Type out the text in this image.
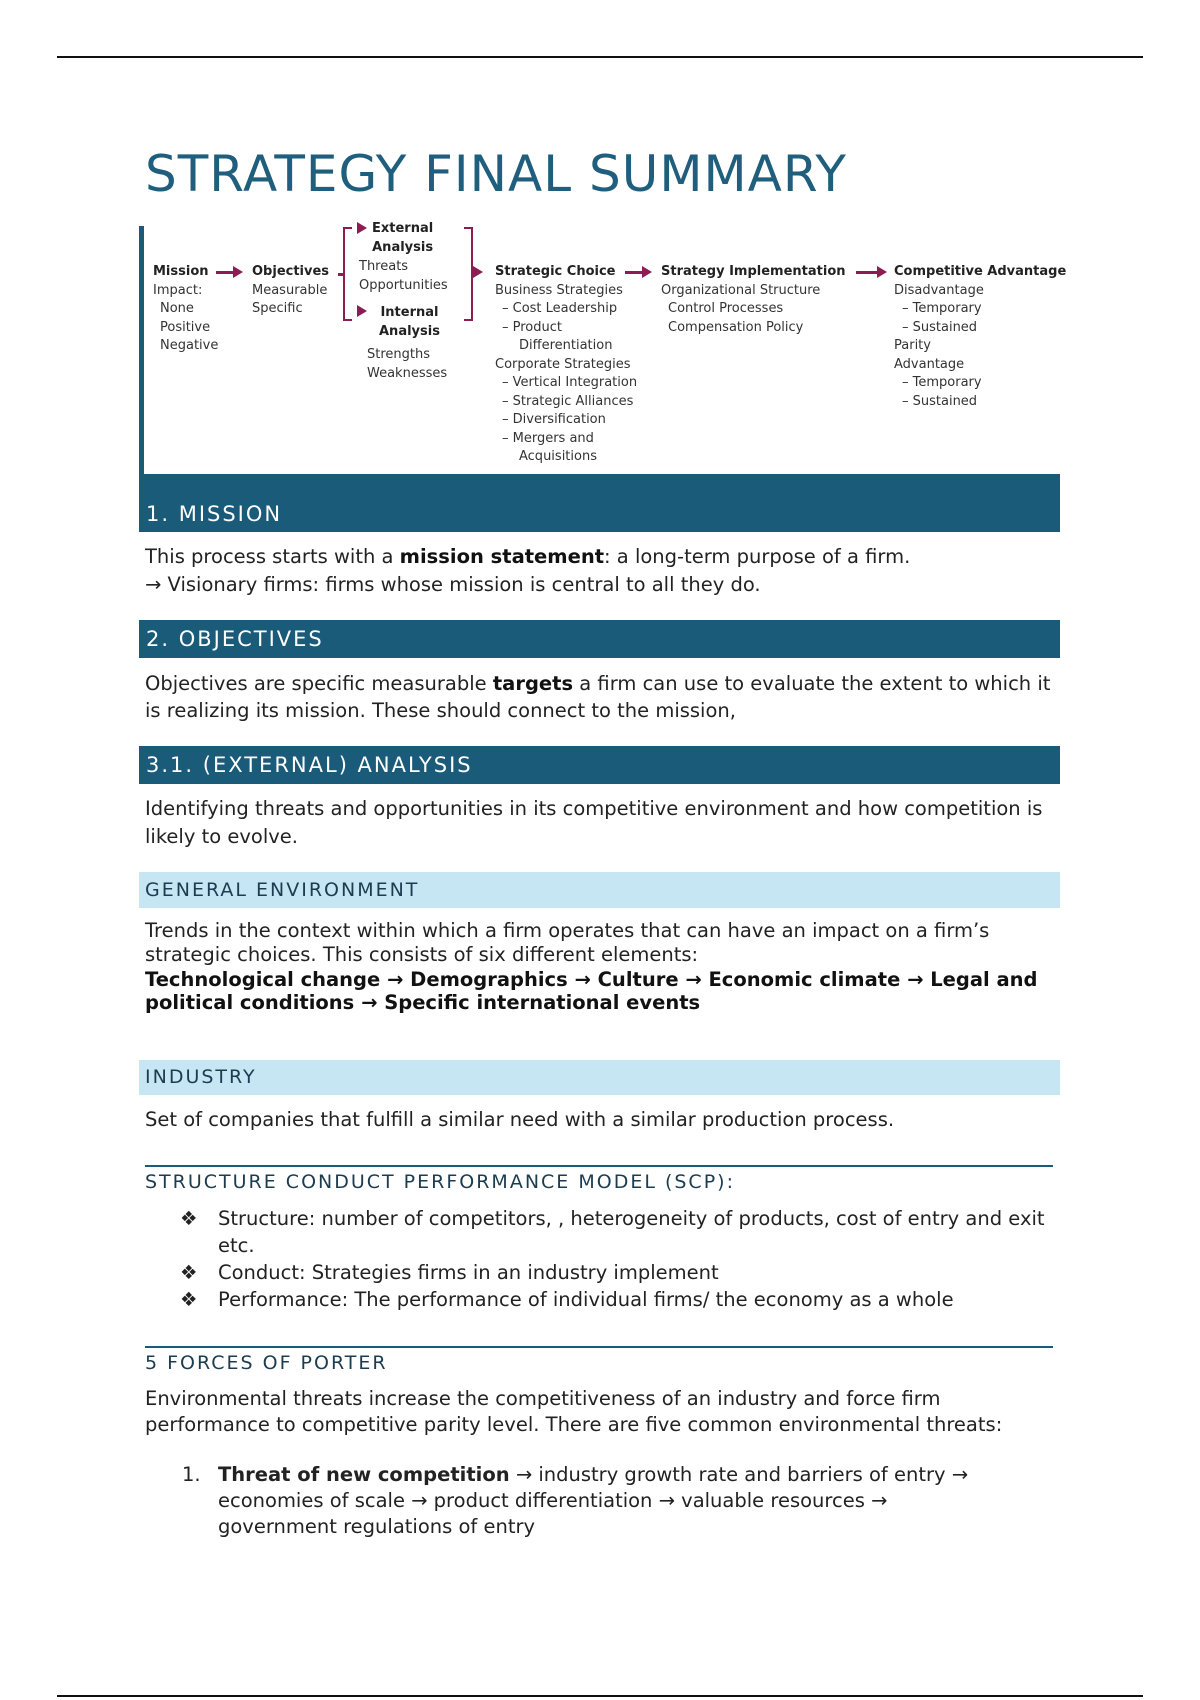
STRATEGY FINAL SUMMARY
Mission
Impact:
None
Positive
Negative
Objectives
Measurable
Specific
External
Analysis
Threats
Opportunities
Internal
Analysis
Strengths
Weaknesses
Strategic Choice
Business Strategies
– Cost Leadership
– Product
Differentiation
Corporate Strategies
– Vertical Integration
– Strategic Alliances
– Diversification
– Mergers and
Acquisitions
Strategy Implementation
Organizational Structure
Control Processes
Compensation Policy
Competitive Advantage
Disadvantage
– Temporary
– Sustained
Parity
Advantage
– Temporary
– Sustained
1. MISSION
This process starts with a mission statement: a long-term purpose of a firm.
→ Visionary firms: firms whose mission is central to all they do.
2. OBJECTIVES
Objectives are specific measurable targets a firm can use to evaluate the extent to which it is realizing its mission. These should connect to the mission,
3.1. (EXTERNAL) ANALYSIS
Identifying threats and opportunities in its competitive environment and how competition is likely to evolve.
GENERAL ENVIRONMENT
Trends in the context within which a firm operates that can have an impact on a firm’s strategic choices. This consists of six different elements:
Technological change → Demographics → Culture → Economic climate → Legal and political conditions → Specific international events
INDUSTRY
Set of companies that fulfill a similar need with a similar production process.
STRUCTURE CONDUCT PERFORMANCE MODEL (SCP):
❖ Structure: number of competitors, , heterogeneity of products, cost of entry and exit etc.
❖ Conduct: Strategies firms in an industry implement
❖ Performance: The performance of individual firms/ the economy as a whole
5 FORCES OF PORTER
Environmental threats increase the competitiveness of an industry and force firm performance to competitive parity level. There are five common environmental threats:
1. Threat of new competition → industry growth rate and barriers of entry → economies of scale → product differentiation → valuable resources → government regulations of entry
